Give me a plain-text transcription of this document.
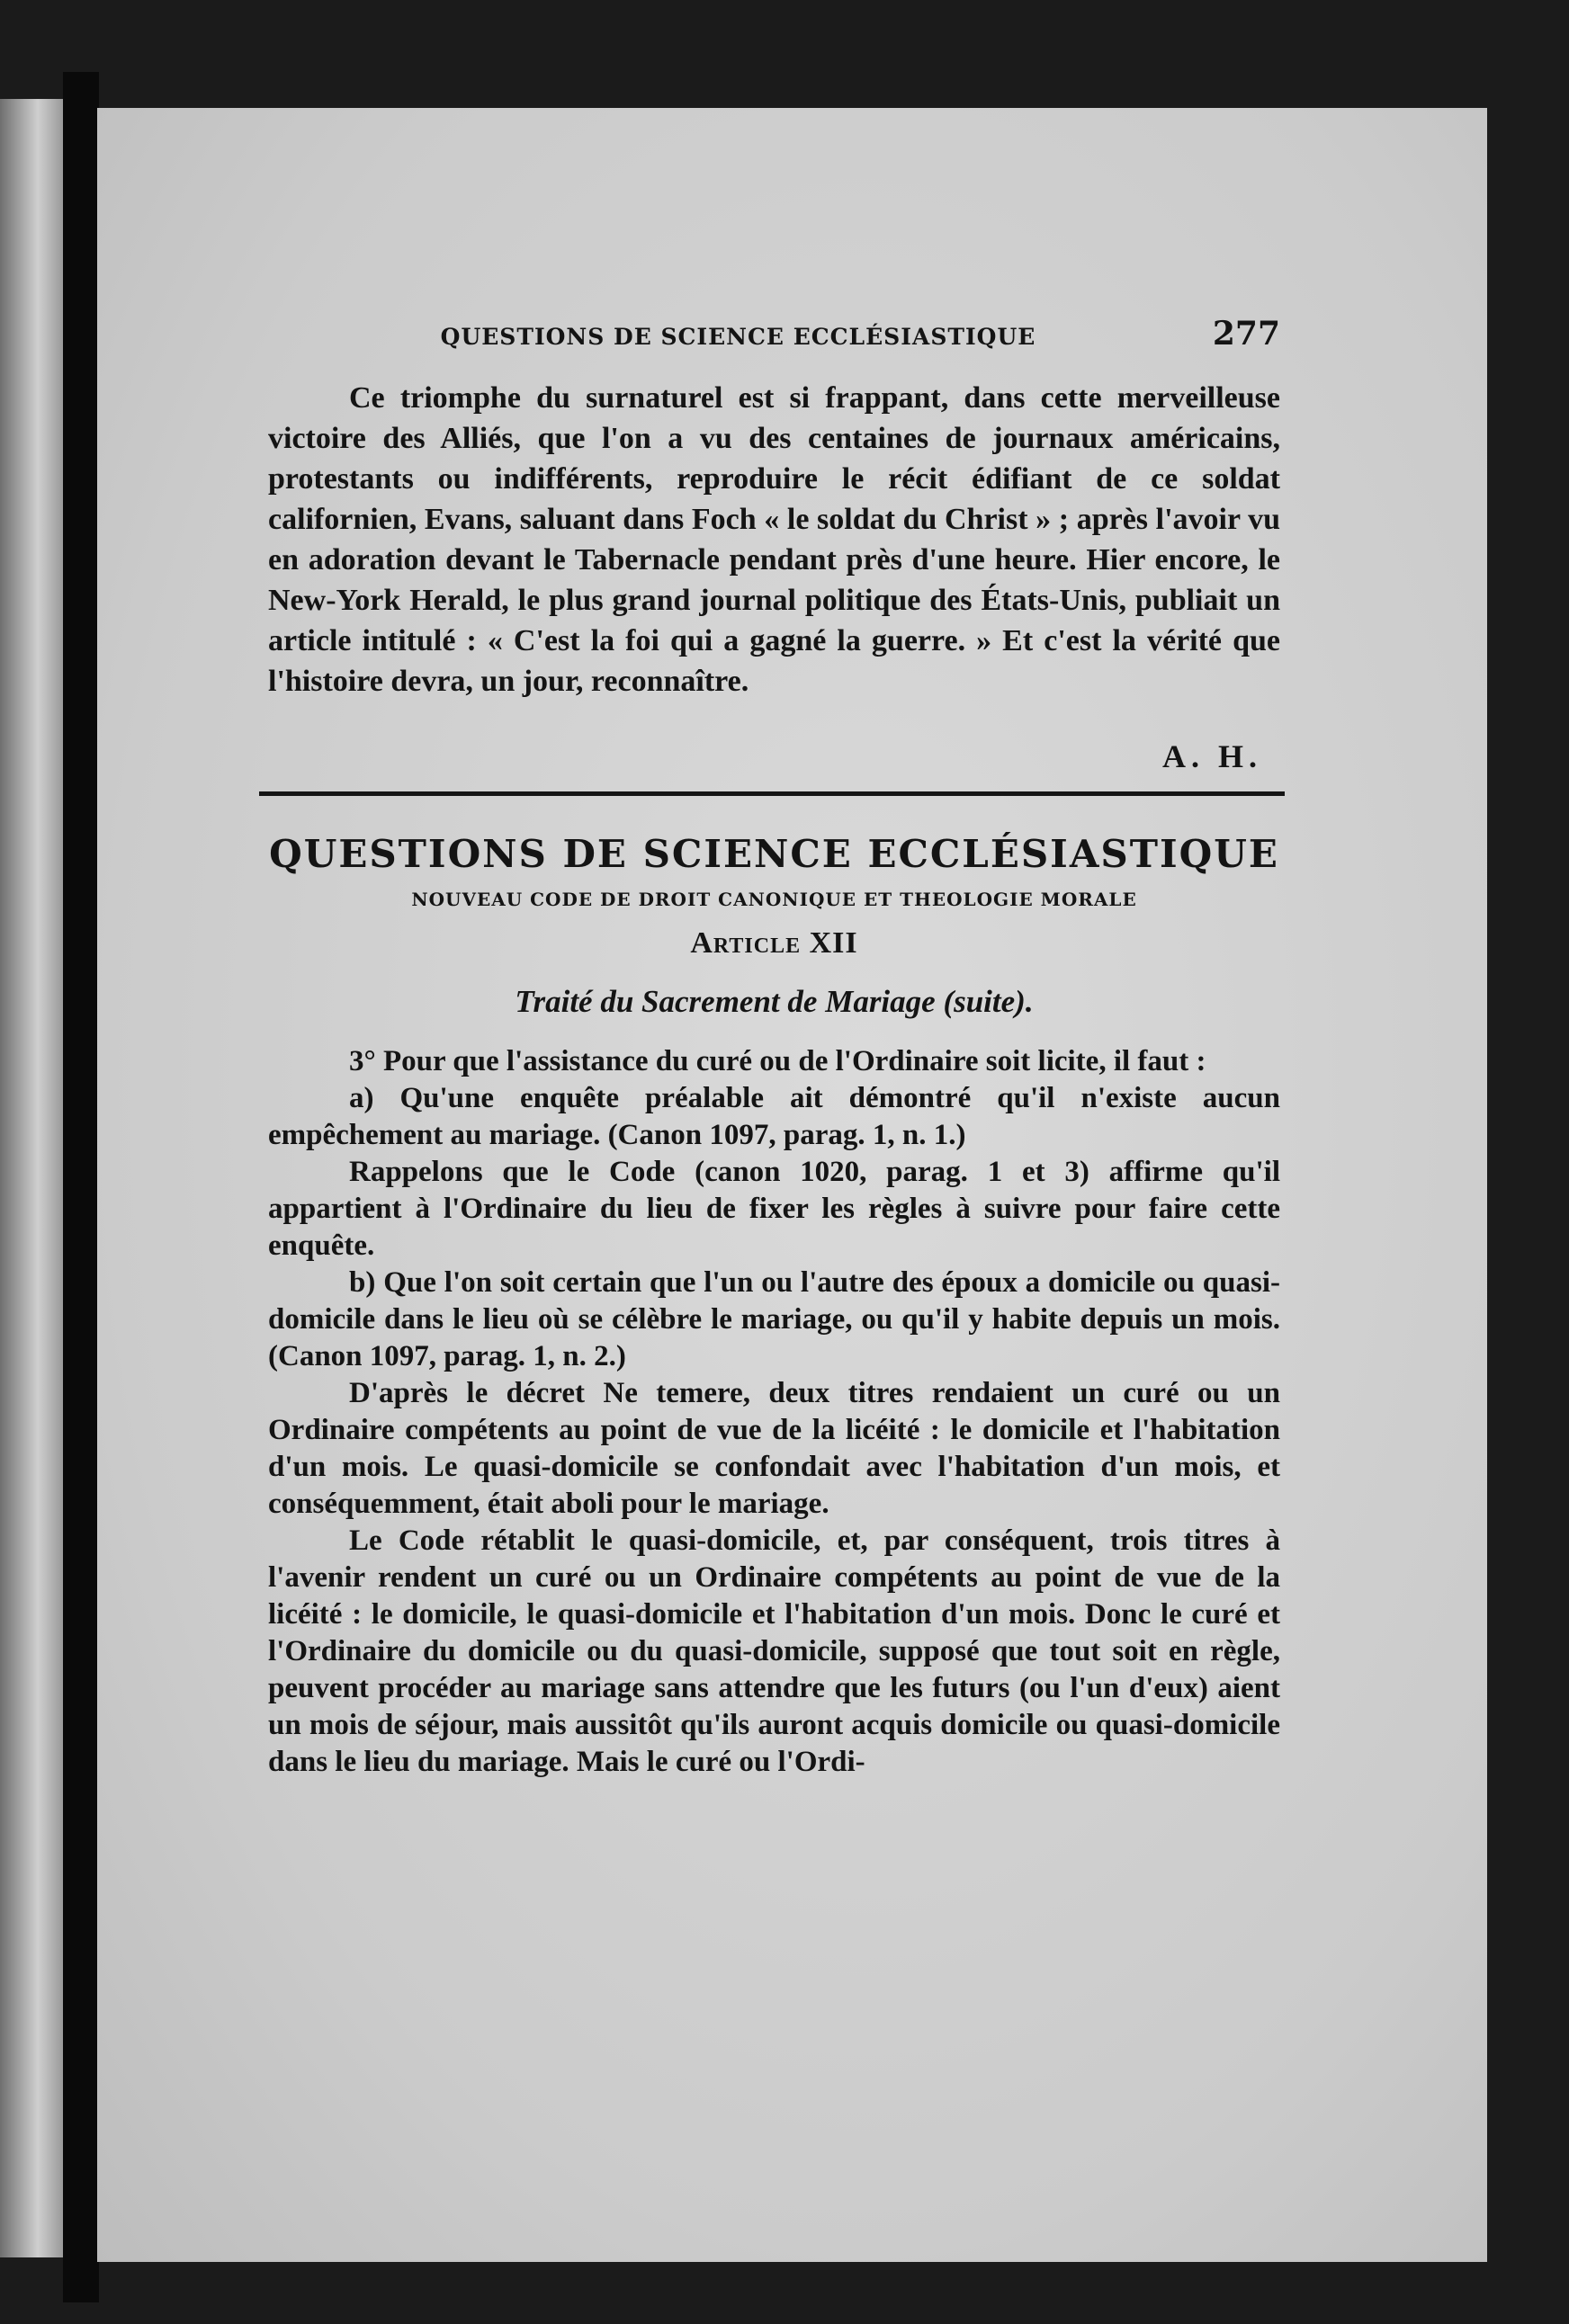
QUESTIONS DE SCIENCE ECCLÉSIASTIQUE	277

Ce triomphe du surnaturel est si frappant, dans cette merveilleuse victoire des Alliés, que l'on a vu des centaines de journaux américains, protestants ou indifférents, reproduire le récit édifiant de ce soldat californien, Evans, saluant dans Foch « le soldat du Christ » ; après l'avoir vu en adoration devant le Tabernacle pendant près d'une heure. Hier encore, le New-York Herald, le plus grand journal politique des États-Unis, publiait un article intitulé : « C'est la foi qui a gagné la guerre. » Et c'est la vérité que l'histoire devra, un jour, reconnaître.

A. H.
QUESTIONS DE SCIENCE ECCLÉSIASTIQUE
NOUVEAU CODE DE DROIT CANONIQUE ET THEOLOGIE MORALE
Article XII
Traité du Sacrement de Mariage (suite).

3° Pour que l'assistance du curé ou de l'Ordinaire soit licite, il faut :

a) Qu'une enquête préalable ait démontré qu'il n'existe aucun empêchement au mariage. (Canon 1097, parag. 1, n. 1.)

Rappelons que le Code (canon 1020, parag. 1 et 3) affirme qu'il appartient à l'Ordinaire du lieu de fixer les règles à suivre pour faire cette enquête.

b) Que l'on soit certain que l'un ou l'autre des époux a domicile ou quasi-domicile dans le lieu où se célèbre le mariage, ou qu'il y habite depuis un mois. (Canon 1097, parag. 1, n. 2.)

D'après le décret Ne temere, deux titres rendaient un curé ou un Ordinaire compétents au point de vue de la licéité : le domicile et l'habitation d'un mois. Le quasi-domicile se confondait avec l'habitation d'un mois, et conséquemment, était aboli pour le mariage.

Le Code rétablit le quasi-domicile, et, par conséquent, trois titres à l'avenir rendent un curé ou un Ordinaire compétents au point de vue de la licéité : le domicile, le quasi-domicile et l'habitation d'un mois. Donc le curé et l'Ordinaire du domicile ou du quasi-domicile, supposé que tout soit en règle, peuvent procéder au mariage sans attendre que les futurs (ou l'un d'eux) aient un mois de séjour, mais aussitôt qu'ils auront acquis domicile ou quasi-domicile dans le lieu du mariage. Mais le curé ou l'Ordi-
